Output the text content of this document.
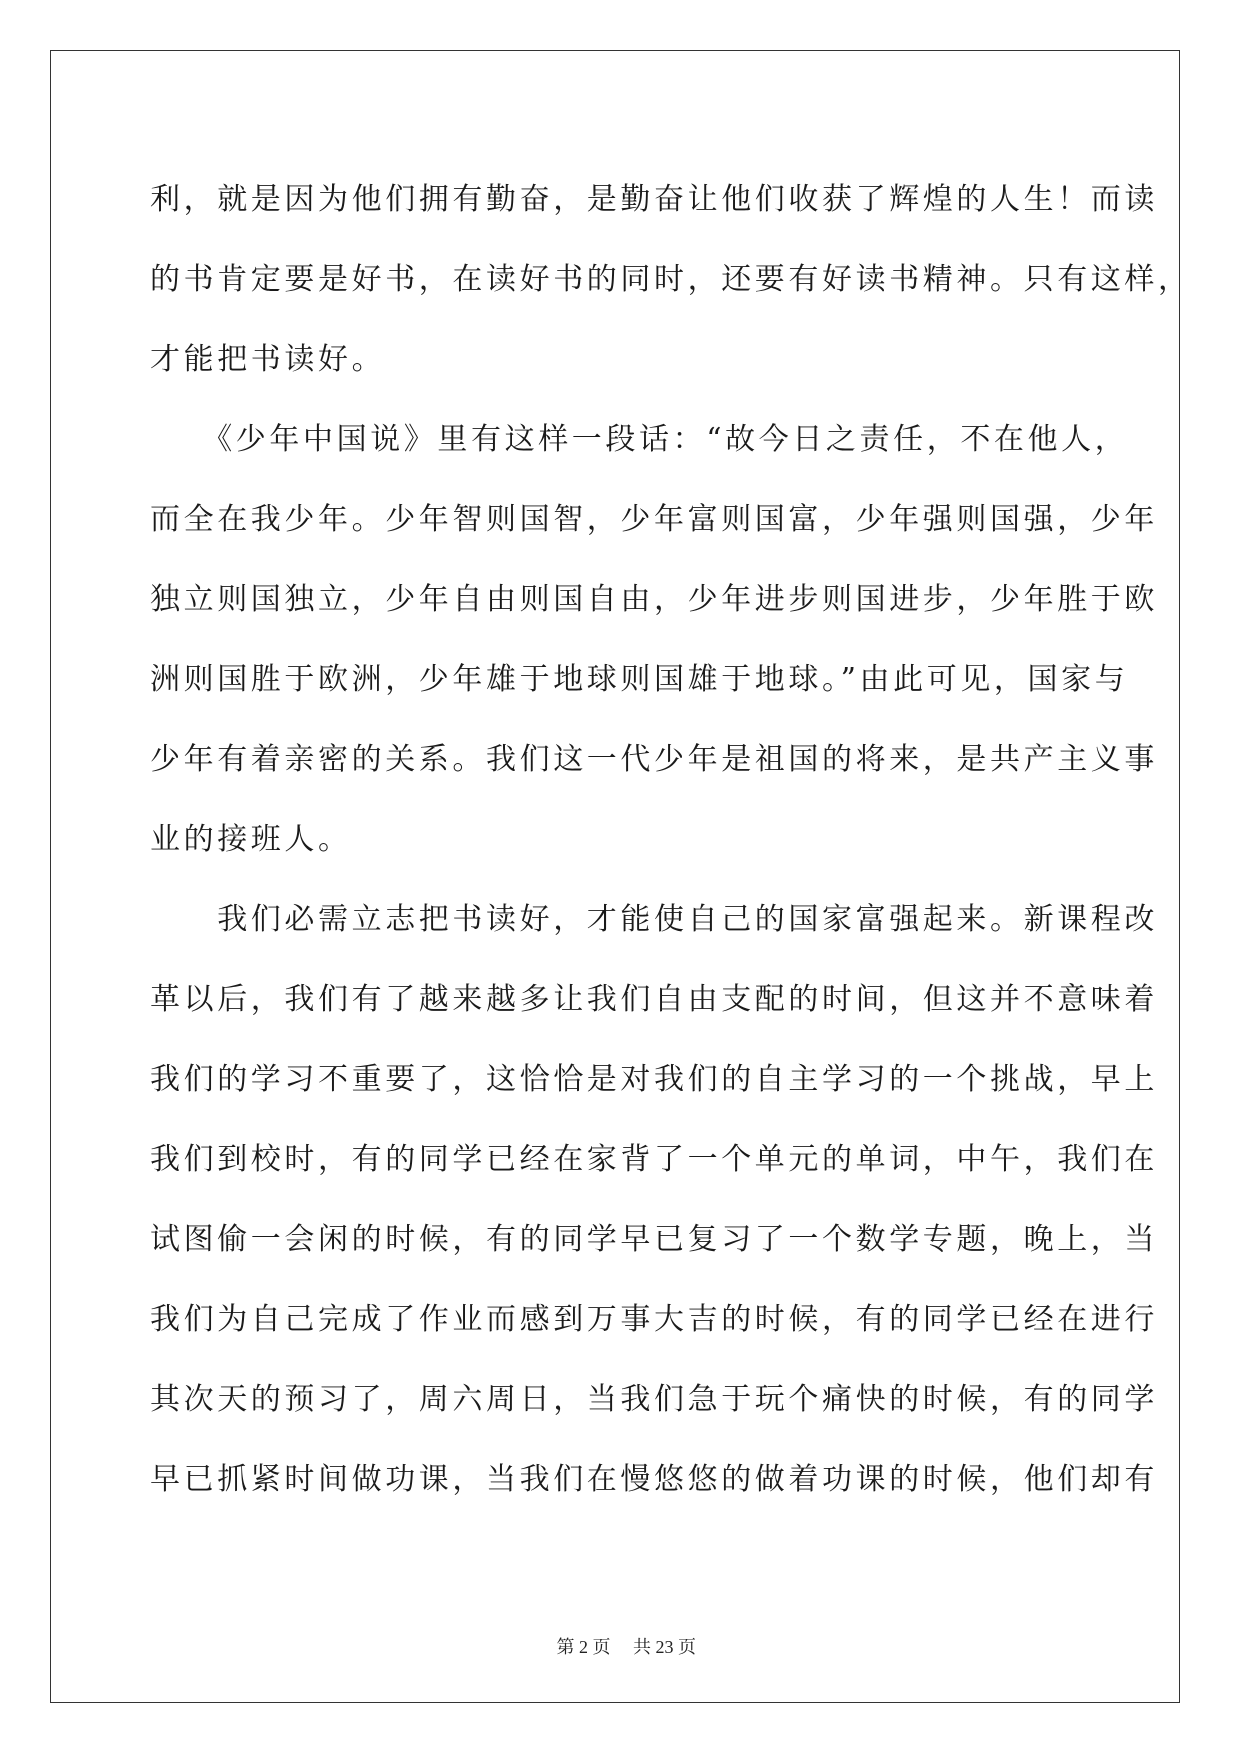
利，就是因为他们拥有勤奋，是勤奋让他们收获了辉煌的人生！而读
的书肯定要是好书，在读好书的同时，还要有好读书精神。只有这样，
才能把书读好。
　　《少年中国说》里有这样一段话：“故今日之责任，不在他人，
而全在我少年。少年智则国智，少年富则国富，少年强则国强，少年
独立则国独立，少年自由则国自由，少年进步则国进步，少年胜于欧
洲则国胜于欧洲，少年雄于地球则国雄于地球。”由此可见，国家与
少年有着亲密的关系。我们这一代少年是祖国的将来，是共产主义事
业的接班人。
　　我们必需立志把书读好，才能使自己的国家富强起来。新课程改
革以后，我们有了越来越多让我们自由支配的时间，但这并不意味着
我们的学习不重要了，这恰恰是对我们的自主学习的一个挑战，早上
我们到校时，有的同学已经在家背了一个单元的单词，中午，我们在
试图偷一会闲的时候，有的同学早已复习了一个数学专题，晚上，当
我们为自己完成了作业而感到万事大吉的时候，有的同学已经在进行
其次天的预习了，周六周日，当我们急于玩个痛快的时候，有的同学
早已抓紧时间做功课，当我们在慢悠悠的做着功课的时候，他们却有

第 2 页　 共 23 页
